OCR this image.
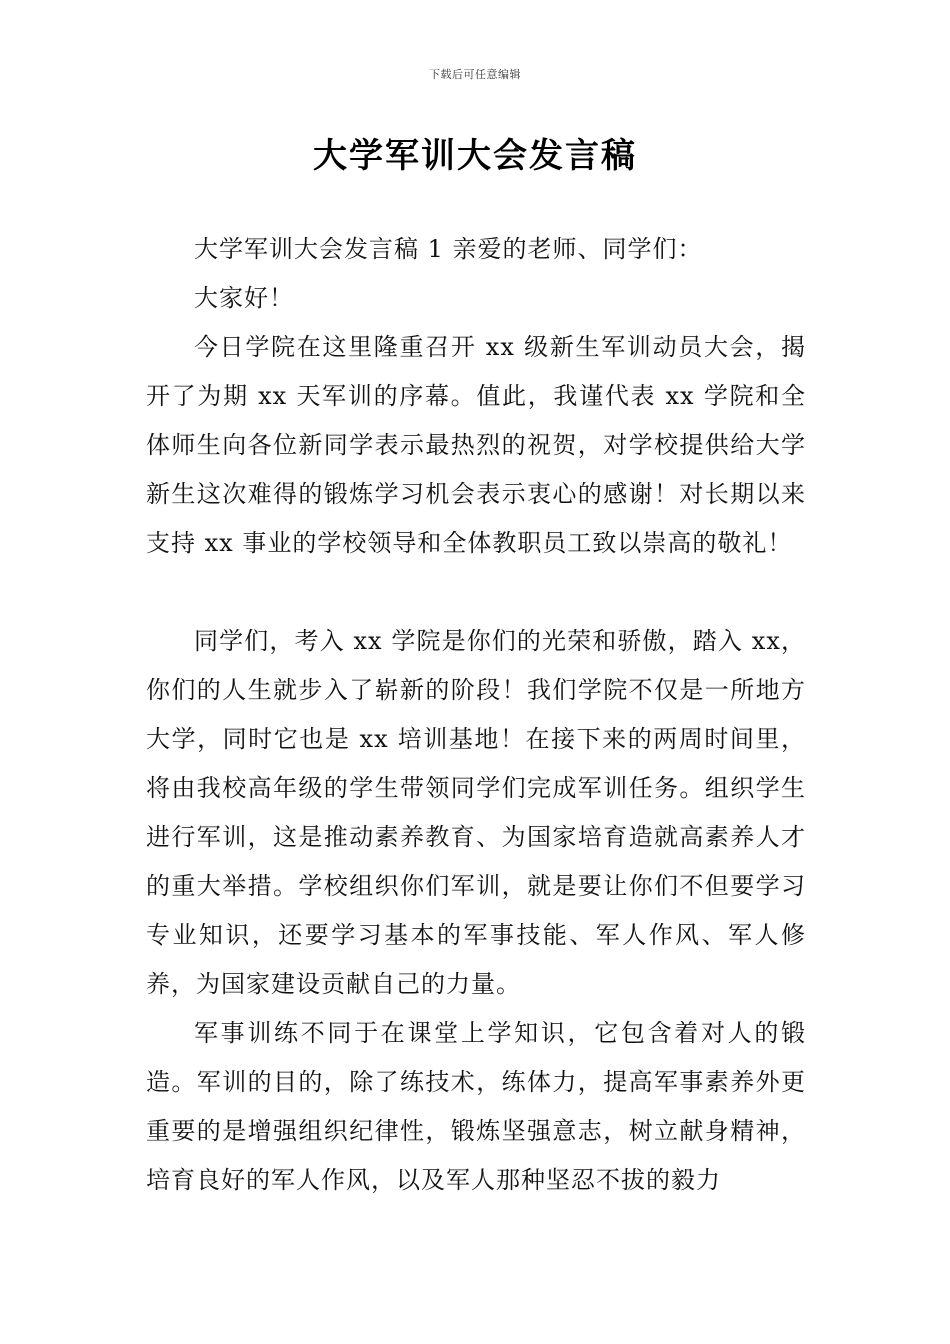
下载后可任意编辑
大学军训大会发言稿

大学军训大会发言稿 1 亲爱的老师、同学们：

大家好！

今日学院在这里隆重召开 xx 级新生军训动员大会，揭开了为期 xx 天军训的序幕。值此，我谨代表 xx 学院和全体师生向各位新同学表示最热烈的祝贺，对学校提供给大学新生这次难得的锻炼学习机会表示衷心的感谢！对长期以来支持 xx 事业的学校领导和全体教职员工致以崇高的敬礼！

同学们，考入 xx 学院是你们的光荣和骄傲，踏入 xx，你们的人生就步入了崭新的阶段！我们学院不仅是一所地方大学，同时它也是 xx 培训基地！在接下来的两周时间里，将由我校高年级的学生带领同学们完成军训任务。组织学生进行军训，这是推动素养教育、为国家培育造就高素养人才的重大举措。学校组织你们军训，就是要让你们不但要学习专业知识，还要学习基本的军事技能、军人作风、军人修养，为国家建设贡献自己的力量。

军事训练不同于在课堂上学知识，它包含着对人的锻造。军训的目的，除了练技术，练体力，提高军事素养外更重要的是增强组织纪律性，锻炼坚强意志，树立献身精神，培育良好的军人作风，以及军人那种坚忍不拔的毅力
